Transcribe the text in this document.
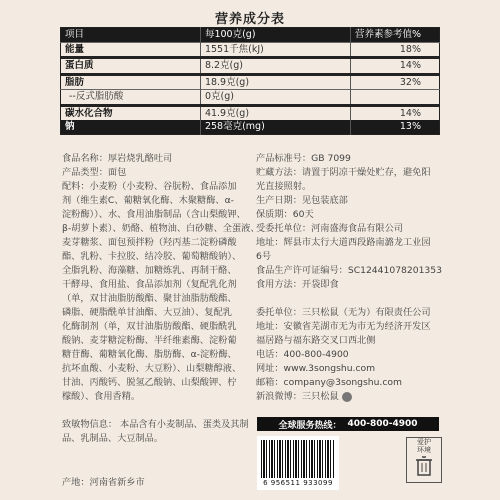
营养成分表
项目	每100克(g)	营养素参考值%
能量	1551千焦(kJ)	18%
蛋白质	8.2克(g)	14%
脂肪	18.9克(g)	32%
--反式脂肪酸	0克(g)	
碳水化合物	41.9克(g)	14%
钠	258毫克(mg)	13%

食品名称：厚岩烧乳酪吐司

产品类型：面包

配料：小麦粉（小麦粉、谷朊粉、食品添加

剂（维生素C、葡糖氧化酶、木聚糖酶、α-

淀粉酶））、水、食用油脂制品（含山梨酸钾、

β-胡萝卜素）、奶酪、植物油、白砂糖、全蛋液、

麦芽糖浆、面包预拌粉（羟丙基二淀粉磷酸

酯、乳粉、卡拉胶、结冷胶、葡萄糖酸钠）、

全脂乳粉、海藻糖、加糖炼乳、再制干酪、

干酵母、食用盐、食品添加剂（复配乳化剂

（单，双甘油脂肪酸酯、聚甘油脂肪酸酯、

磷脂、硬脂酰单甘油酯、大豆油）、复配乳

化酶制剂（单，双甘油脂肪酸酯、硬脂酰乳

酸钠、麦芽糖淀粉酶、半纤维素酶、淀粉葡

糖苷酶、葡糖氧化酶、脂肪酶、α-淀粉酶、

抗坏血酸、小麦粉、大豆粉）、山梨糖醇液、

甘油、丙酸钙、脱氢乙酸钠、山梨酸钾、柠

檬酸）、食用香精。

致敏物信息： 本品含有小麦制品、蛋类及其制

品、乳制品、大豆制品。

产地：河南省新乡市

产品标准号：GB 7099

贮藏方法：请置于阴凉干燥处贮存，避免阳

光直接照射。

生产日期：见包装底部

保质期：60天

受委托单位：河南盛海食品有限公司

地址：辉县市太行大道西段路南潞龙工业园

6号

食品生产许可证编号：SC12441078201353

食用方法：开袋即食

委托单位：三只松鼠（无为）有限责任公司

地址：安徽省芜湖市无为市无为经济开发区

福居路与福东路交叉口西北侧

电话：400-800-4900

网址：www.3songshu.com

邮箱：company@3songshu.com

新浪微博：三只松鼠

全球服务热线： 400-800-4900
6 956511 933099
爱护
环境
